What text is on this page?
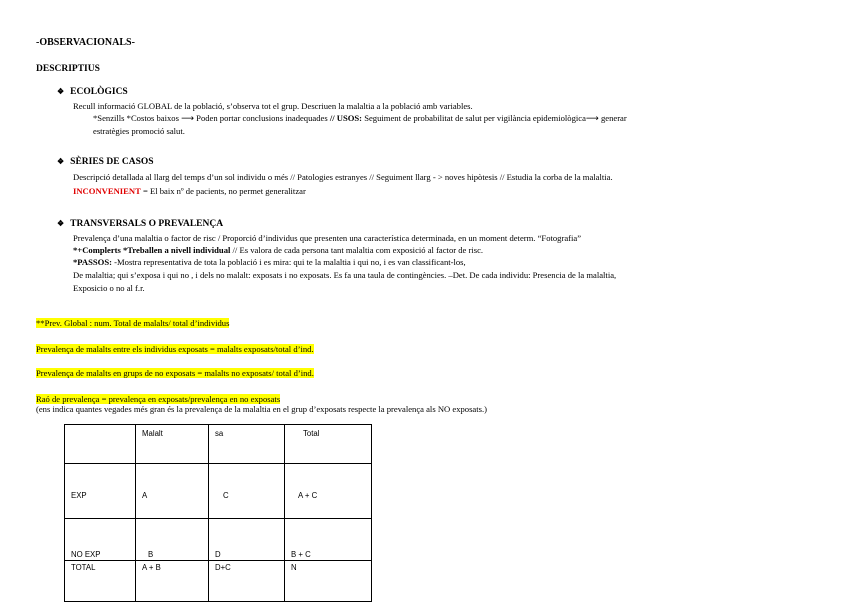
-OBSERVACIONALS-
DESCRIPTIUS
❖ ECOLÒGICS
Recull informació GLOBAL de la població, s’observa tot el grup. Descriuen la malaltia a la població amb variables.
*Senzills *Costos baixos ⟶ Poden portar conclusions inadequades // USOS: Seguiment de probabilitat de salut per vigilància epidemiològica⟶ generar
estratègies promoció salut.
❖ SÈRIES DE CASOS
Descripció detallada al llarg del temps d’un sol individu o més // Patologies estranyes // Seguiment llarg - > noves hipòtesis // Estudia la corba de la malaltia.
INCONVENIENT = El baix nº de pacients, no permet generalitzar
❖ TRANSVERSALS O PREVALENÇA
Prevalença d’una malaltia o factor de risc / Proporció d’individus que presenten una característica determinada, en un moment determ. “Fotografia”
*+Complerts *Treballen a nivell individual // Es valora de cada persona tant malaltia com exposició al factor de risc.
*PASSOS: -Mostra representativa de tota la població i es mira: qui te la malaltia i qui no, i es van classificant-los,
De malaltia; qui s’exposa i qui no , i dels no malalt: exposats i no exposats. Es fa una taula de contingències. –Det. De cada individu: Presencia de la malaltia,
Exposicio o no al f.r.
**Prev. Global : num. Total de malalts/ total d’individus
Prevalença de malalts entre els individus exposats = malalts exposats/total d’ind.
Prevalença de malalts en grups de no exposats = malalts no exposats/ total d’ind.
Raó de prevalença = prevalença en exposats/prevalença en no exposats
(ens indica quantes vegades més gran és la prevalença de la malaltia en el grup d’exposats respecte la prevalença als NO exposats.)
	Malalt	sa	Total
EXP	A	C	A + C
NO EXP	B	D	B + C
TOTAL	A + B	D+C	N
